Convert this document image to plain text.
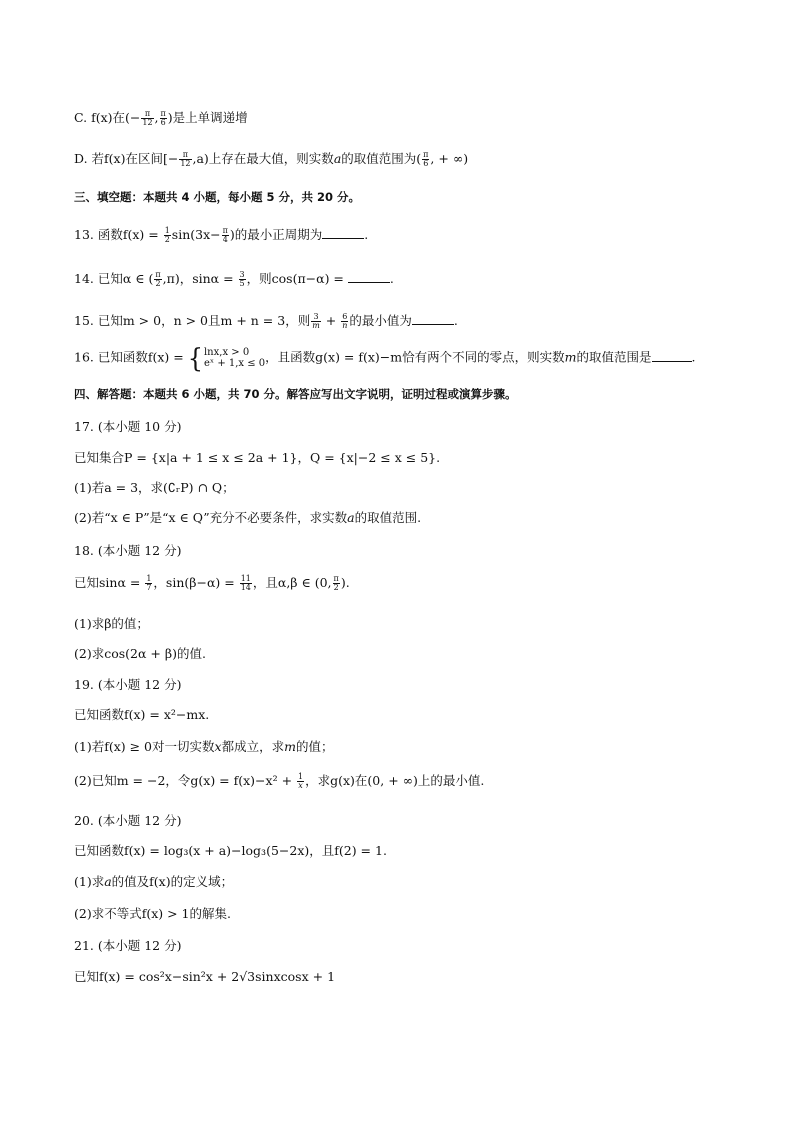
C. f(x)在(− $\frac{\pi}{12}$ , $\frac{\pi}{6}$ )是上单调递增
D. 若f(x)在区间[− $\frac{\pi}{12} ,a$)上存在最大值，则实数a的取值范围为( $\frac{\pi}{6}$ , + ∞)
三、填空题：本题共 4 小题，每小题 5 分，共 20 分。
13. 函数$f(x) = \frac{1}{2} \sin(3x- \frac{\pi}{4}$ )的最小正周期为	.
14. 已知α ∈ ( $\frac{\pi}{2} ,\pi$)，$\sin\alpha = \frac{3}{5}$ ，则cos(π−α) =	.
15. 已知m > 0，n > 0且m + n = 3，则 $\frac{3}{m} + \frac{6}{n}$ 的最小值为	.
16. 已知函数f(x) = { lnx,x > 0
eˣ + 1,x ≤ 0 ，且函数g(x) = f(x)−m恰有两个不同的零点，则实数m的取值范围是	.
四、解答题：本题共 6 小题，共 70 分。解答应写出文字说明，证明过程或演算步骤。
17. (本小题 10 分)
已知集合P = {x|a + 1 ≤ x ≤ 2a + 1}，Q = {x|−2 ≤ x ≤ 5}.
(1)若a = 3，求(∁ᵣP) ∩ Q；
(2)若“x ∈ P”是“x ∈ Q”充分不必要条件，求实数a的取值范围.
18. (本小题 12 分)
已知$\sin\alpha = \frac{1}{7}$ ，$\sin(\beta-\alpha) = \frac{11}{14}$ ，且α,β ∈ (0, $\frac{\pi}{2}$ ).
(1)求β的值；
(2)求cos(2α + β)的值.
19. (本小题 12 分)
已知函数f(x) = x²−mx.
(1)若f(x) ≥ 0对一切实数x都成立，求m的值；
(2)已知m = −2，令$g(x) = f(x)-x^2 + \frac{1}{x}$ ，求g(x)在(0, + ∞)上的最小值.
20. (本小题 12 分)
已知函数f(x) = log₃(x + a)−log₃(5−2x)，且f(2) = 1.
(1)求a的值及f(x)的定义域；
(2)求不等式f(x) > 1的解集.
21. (本小题 12 分)
已知f(x) = cos²x−sin²x + 2√3sinxcosx + 1
